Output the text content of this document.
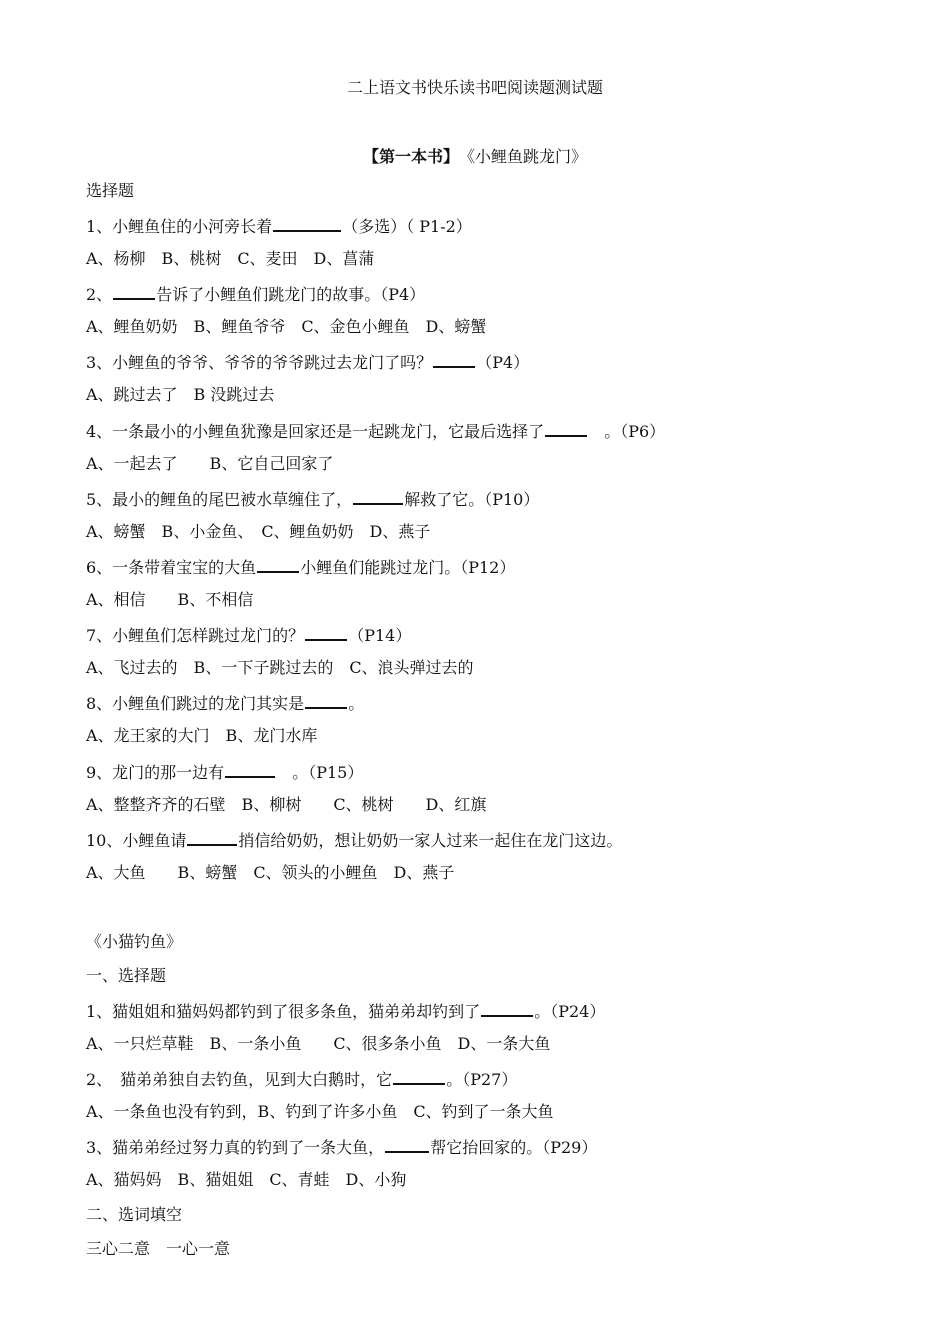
二上语文书快乐读书吧阅读题测试题
【第一本书】　 《小鲤鱼跳龙门》
选择题
1、小鲤鱼住的小河旁长着	（多选）（ P1-2）
A、杨柳　B、桃树　C、麦田　D、菖蒲
2、	告诉了小鲤鱼们跳龙门的故事。（P4）
A、鲤鱼奶奶　B、鲤鱼爷爷　C、金色小鲤鱼　D、螃蟹
3、小鲤鱼的爷爷、爷爷的爷爷跳过去龙门了吗？	（P4）
A、跳过去了　B 没跳过去
4、一条最小的小鲤鱼犹豫是回家还是一起跳龙门，它最后选择了	　。（P6）
A、一起去了　　B、它自己回家了
5、最小的鲤鱼的尾巴被水草缠住了，	解救了它。（P10）
A、螃蟹　B、小金鱼、　C、鲤鱼奶奶　D、燕子
6、一条带着宝宝的大鱼	小鲤鱼们能跳过龙门。（P12）
A、相信　　B、不相信
7、小鲤鱼们怎样跳过龙门的？	（P14）
A、飞过去的　B、一下子跳过去的　C、浪头弹过去的
8、小鲤鱼们跳过的龙门其实是	。
A、龙王家的大门　B、龙门水库
9、龙门的那一边有	　。（P15）
A、整整齐齐的石壁　B、柳树　　C、桃树　　D、红旗
10、小鲤鱼请	捎信给奶奶，想让奶奶一家人过来一起住在龙门这边。
A、大鱼　　B、螃蟹　C、领头的小鲤鱼　D、燕子
《小猫钓鱼》
一、选择题
1、猫姐姐和猫妈妈都钓到了很多条鱼，猫弟弟却钓到了	。（P24）
A、一只烂草鞋　B、一条小鱼　　C、很多条小鱼　D、一条大鱼
2、　猫弟弟独自去钓鱼，见到大白鹅时，它	。（P27）
A、一条鱼也没有钓到，B、钓到了许多小鱼　C、钓到了一条大鱼
3、猫弟弟经过努力真的钓到了一条大鱼，	帮它抬回家的。（P29）
A、猫妈妈　B、猫姐姐　C、青蛙　D、小狗
二、选词填空
三心二意　一心一意
